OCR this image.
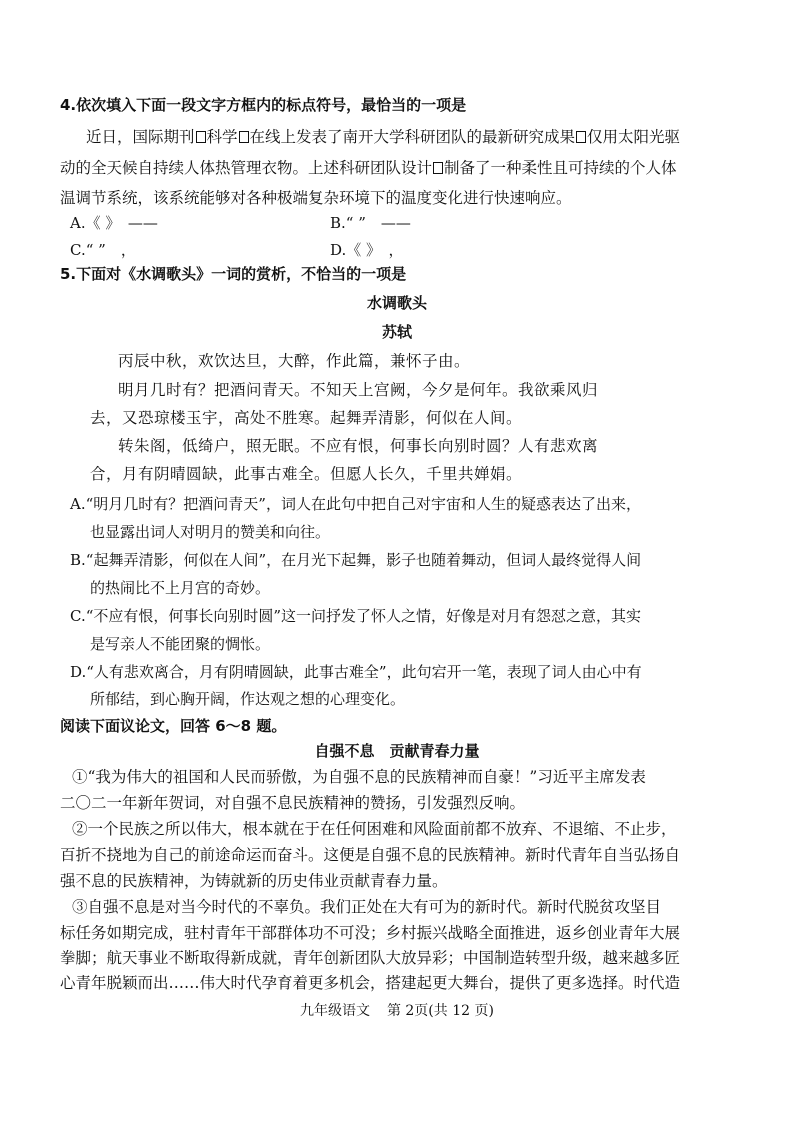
4.依次填入下面一段文字方框内的标点符号，最恰当的一项是
近日，国际期刊 科学 在线上发表了南开大学科研团队的最新研究成果 仅用太阳光驱
动的全天候自持续人体热管理衣物。上述科研团队设计 制备了一种柔性且可持续的个人体
温调节系统，该系统能够对各种极端复杂环境下的温度变化进行快速响应。
A.《 》　——	B.“ ”　——
C.“ ”　，	D.《 》　，
5.下面对《水调歌头》一词的赏析，不恰当的一项是
水调歌头
苏轼
丙辰中秋，欢饮达旦，大醉，作此篇，兼怀子由。
明月几时有？把酒问青天。不知天上宫阙，今夕是何年。我欲乘风归
去，又恐琼楼玉宇，高处不胜寒。起舞弄清影，何似在人间。
转朱阁，低绮户，照无眠。不应有恨，何事长向别时圆？人有悲欢离
合，月有阴晴圆缺，此事古难全。但愿人长久，千里共婵娟。
A.“明月几时有？把酒问青天”，词人在此句中把自己对宇宙和人生的疑惑表达了出来，
也显露出词人对明月的赞美和向往。
B.“起舞弄清影，何似在人间”，在月光下起舞，影子也随着舞动，但词人最终觉得人间
的热闹比不上月宫的奇妙。
C.“不应有恨，何事长向别时圆”这一问抒发了怀人之情，好像是对月有怨怼之意，其实
是写亲人不能团聚的惆怅。
D.“人有悲欢离合，月有阴晴圆缺，此事古难全”，此句宕开一笔，表现了词人由心中有
所郁结，到心胸开阔，作达观之想的心理变化。
阅读下面议论文，回答 6～8 题。
自强不息　贡献青春力量
①“我为伟大的祖国和人民而骄傲，为自强不息的民族精神而自豪！”习近平主席发表
二〇二一年新年贺词，对自强不息民族精神的赞扬，引发强烈反响。
②一个民族之所以伟大，根本就在于在任何困难和风险面前都不放弃、不退缩、不止步，
百折不挠地为自己的前途命运而奋斗。这便是自强不息的民族精神。新时代青年自当弘扬自
强不息的民族精神，为铸就新的历史伟业贡献青春力量。
③自强不息是对当今时代的不辜负。我们正处在大有可为的新时代。新时代脱贫攻坚目
标任务如期完成，驻村青年干部群体功不可没；乡村振兴战略全面推进，返乡创业青年大展
拳脚；航天事业不断取得新成就，青年创新团队大放异彩；中国制造转型升级，越来越多匠
心青年脱颖而出……伟大时代孕育着更多机会，搭建起更大舞台，提供了更多选择。时代造
九年级语文 第 2页(共 12 页)
